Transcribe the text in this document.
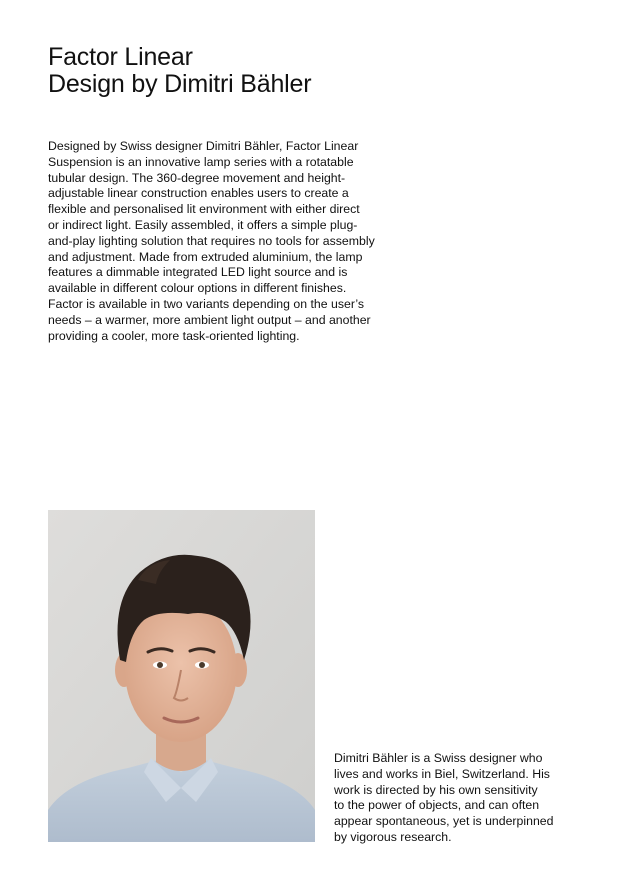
Factor Linear
Design by Dimitri Bähler
Designed by Swiss designer Dimitri Bähler, Factor Linear
Suspension is an innovative lamp series with a rotatable
tubular design. The 360-degree movement and height-
adjustable linear construction enables users to create a
flexible and personalised lit environment with either direct
or indirect light. Easily assembled, it offers a simple plug-
and-play lighting solution that requires no tools for assembly
and adjustment. Made from extruded aluminium, the lamp
features a dimmable integrated LED light source and is
available in different colour options in different finishes.
Factor is available in two variants depending on the user’s
needs – a warmer, more ambient light output – and another
providing a cooler, more task-oriented lighting.
Dimitri Bähler is a Swiss designer who
lives and works in Biel, Switzerland. His
work is directed by his own sensitivity
to the power of objects, and can often
appear spontaneous, yet is underpinned
by vigorous research.
